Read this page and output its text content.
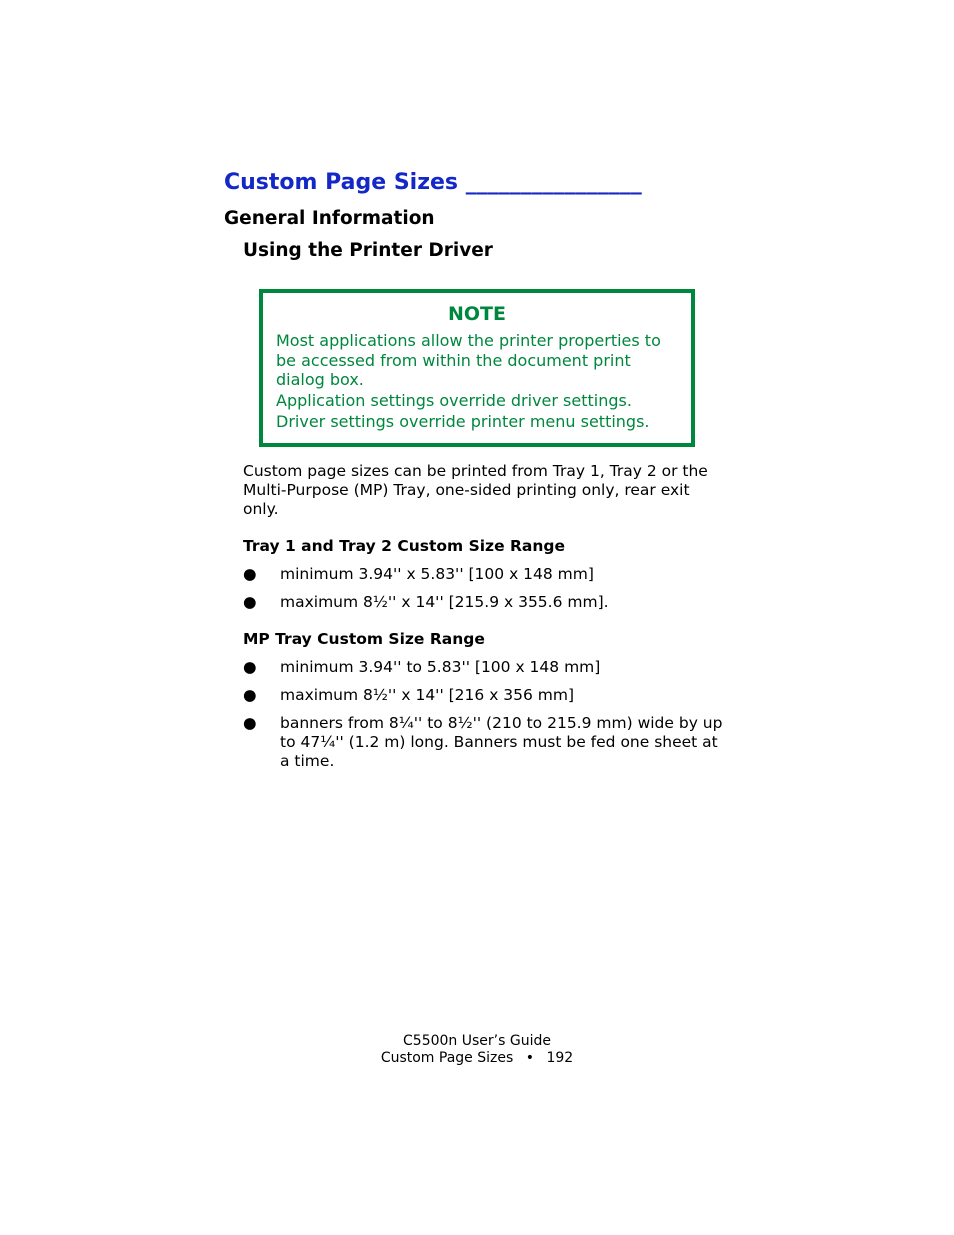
Custom Page Sizes ________________
General Information
Using the Printer Driver
NOTE

Most applications allow the printer properties to be accessed from within the document print dialog box.

Application settings override driver settings.

Driver settings override printer menu settings.

Custom page sizes can be printed from Tray 1, Tray 2 or the Multi-Purpose (MP) Tray, one-sided printing only, rear exit only.
Tray 1 and Tray 2 Custom Size Range
● minimum 3.94'' x 5.83'' [100 x 148 mm]
● maximum 8½'' x 14'' [215.9 x 355.6 mm].
MP Tray Custom Size Range
● minimum 3.94'' to 5.83'' [100 x 148 mm]
● maximum 8½'' x 14'' [216 x 356 mm]
● banners from 8¼'' to 8½'' (210 to 215.9 mm) wide by up to 47¼'' (1.2 m) long. Banners must be fed one sheet at a time.
C5500n User’s Guide
Custom Page Sizes • 192
